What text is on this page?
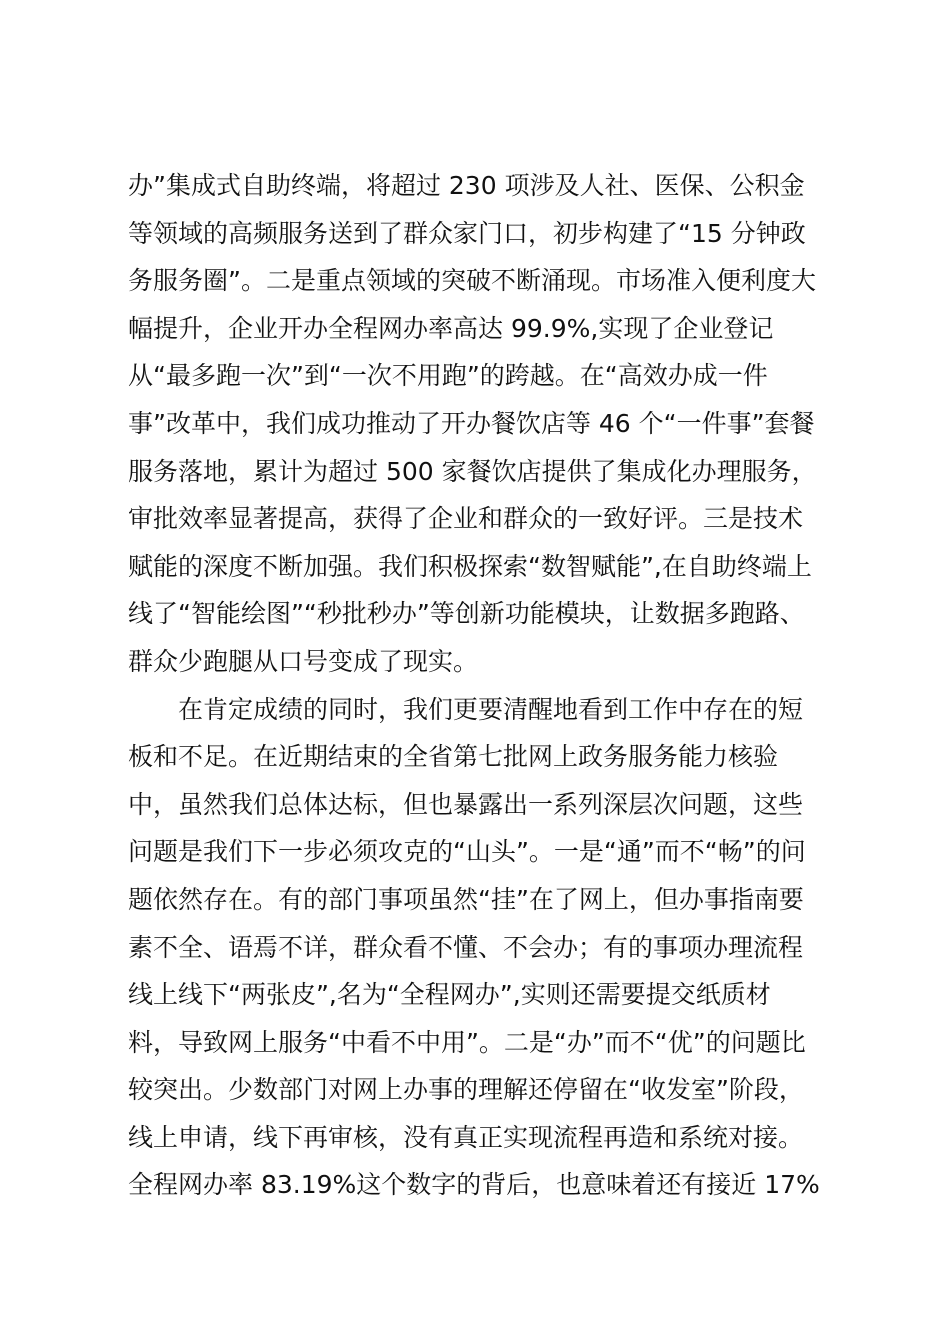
办”集成式自助终端，将超过 230 项涉及人社、医保、公积金
等领域的高频服务送到了群众家门口，初步构建了“15 分钟政
务服务圈”。二是重点领域的突破不断涌现。市场准入便利度大
幅提升，企业开办全程网办率高达 99.9%,实现了企业登记
从“最多跑一次”到“一次不用跑”的跨越。在“高效办成一件
事”改革中，我们成功推动了开办餐饮店等 46 个“一件事”套餐
服务落地，累计为超过 500 家餐饮店提供了集成化办理服务，
审批效率显著提高，获得了企业和群众的一致好评。三是技术
赋能的深度不断加强。我们积极探索“数智赋能”,在自助终端上
线了“智能绘图”“秒批秒办”等创新功能模块，让数据多跑路、
群众少跑腿从口号变成了现实。
　　在肯定成绩的同时，我们更要清醒地看到工作中存在的短
板和不足。在近期结束的全省第七批网上政务服务能力核验
中，虽然我们总体达标，但也暴露出一系列深层次问题，这些
问题是我们下一步必须攻克的“山头”。一是“通”而不“畅”的问
题依然存在。有的部门事项虽然“挂”在了网上，但办事指南要
素不全、语焉不详，群众看不懂、不会办；有的事项办理流程
线上线下“两张皮”,名为“全程网办”,实则还需要提交纸质材
料，导致网上服务“中看不中用”。二是“办”而不“优”的问题比
较突出。少数部门对网上办事的理解还停留在“收发室”阶段，
线上申请，线下再审核，没有真正实现流程再造和系统对接。
全程网办率 83.19%这个数字的背后，也意味着还有接近 17%
